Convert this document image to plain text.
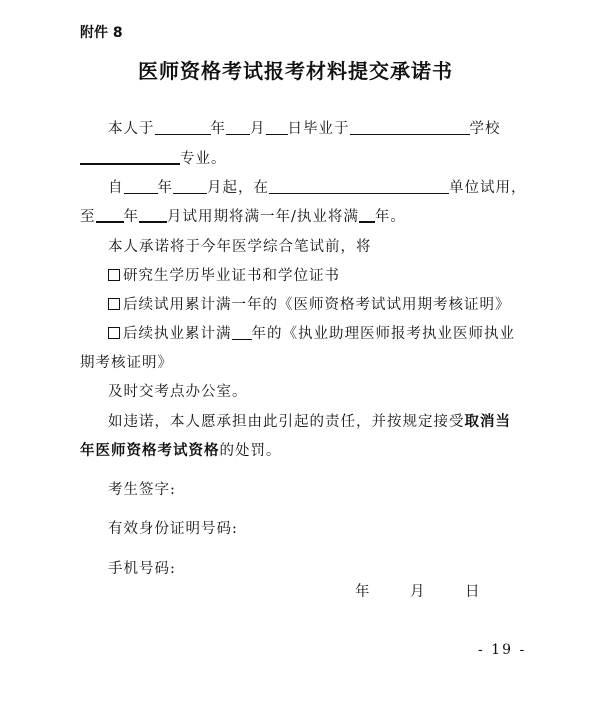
附件 8
医师资格考试报考材料提交承诺书
本人于	年 月 日毕业于	学校
专业。
自 年 月起，在	单位试用，
至 年 月试用期将满一年/执业将满 年。
本人承诺将于今年医学综合笔试前，将
研究生学历毕业证书和学位证书
后续试用累计满一年的《医师资格考试试用期考核证明》
后续执业累计满 年的《执业助理医师报考执业医师执业
期考核证明》
及时交考点办公室。
如违诺，本人愿承担由此引起的责任，并按规定接受取消当
年医师资格考试资格的处罚。
考生签字:
有效身份证明号码:
手机号码:
年	月	日
- 19 -
